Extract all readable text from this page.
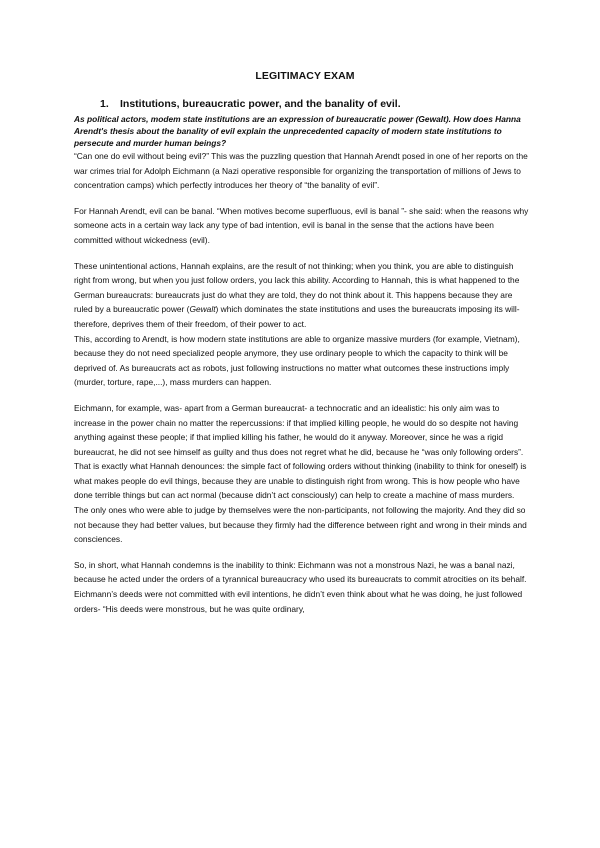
LEGITIMACY EXAM
1. Institutions, bureaucratic power, and the banality of evil.

As political actors, modem state institutions are an expression of bureaucratic power (Gewalt). How does Hanna Arendt's thesis about the banality of evil explain the unprecedented capacity of modern state institutions to persecute and murder human beings?

“Can one do evil without being evil?” This was the puzzling question that Hannah Arendt posed in one of her reports on the war crimes trial for Adolph Eichmann (a Nazi operative responsible for organizing the transportation of millions of Jews to concentration camps) which perfectly introduces her theory of “the banality of evil”.

For Hannah Arendt, evil can be banal. “When motives become superfluous, evil is banal ”- she said: when the reasons why someone acts in a certain way lack any type of bad intention, evil is banal in the sense that the actions have been committed without wickedness (evil).

These unintentional actions, Hannah explains, are the result of not thinking; when you think, you are able to distinguish right from wrong, but when you just follow orders, you lack this ability. According to Hannah, this is what happened to the German bureaucrats: bureaucrats just do what they are told, they do not think about it. This happens because they are ruled by a bureaucratic power (Gewalt) which dominates the state institutions and uses the bureaucrats imposing its will- therefore, deprives them of their freedom, of their power to act.

This, according to Arendt, is how modern state institutions are able to organize massive murders (for example, Vietnam), because they do not need specialized people anymore, they use ordinary people to which the capacity to think will be deprived of. As bureaucrats act as robots, just following instructions no matter what outcomes these instructions imply (murder, torture, rape,...), mass murders can happen.

Eichmann, for example, was- apart from a German bureaucrat- a technocratic and an idealistic: his only aim was to increase in the power chain no matter the repercussions: if that implied killing people, he would do so despite not having anything against these people; if that implied killing his father, he would do it anyway. Moreover, since he was a rigid bureaucrat, he did not see himself as guilty and thus does not regret what he did, because he “was only following orders”.

That is exactly what Hannah denounces: the simple fact of following orders without thinking (inability to think for oneself) is what makes people do evil things, because they are unable to distinguish right from wrong. This is how people who have done terrible things but can act normal (because didn’t act consciously) can help to create a machine of mass murders.

The only ones who were able to judge by themselves were the non-participants, not following the majority. And they did so not because they had better values, but because they firmly had the difference between right and wrong in their minds and consciences.

So, in short, what Hannah condemns is the inability to think: Eichmann was not a monstrous Nazi, he was a banal nazi, because he acted under the orders of a tyrannical bureaucracy who used its bureaucrats to commit atrocities on its behalf.

Eichmann’s deeds were not committed with evil intentions, he didn’t even think about what he was doing, he just followed orders- “His deeds were monstrous, but he was quite ordinary,
